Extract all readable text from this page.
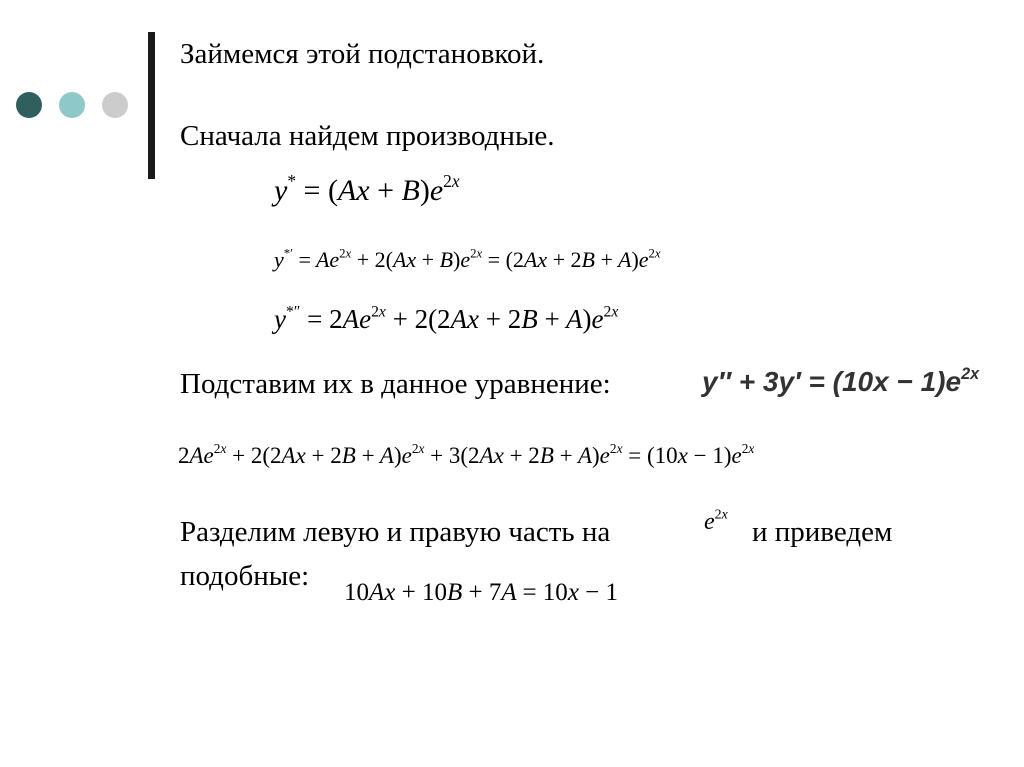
Займемся этой подстановкой.
Сначала найдем производные.
$y^* = (Ax + B)e^{2x}$
$y^{*'} = Ae^{2x} + 2(Ax + B)e^{2x} = (2Ax + 2B + A)e^{2x}$
$y^{*''} = 2Ae^{2x} + 2(2Ax + 2B + A)e^{2x}$
Подставим их в данное уравнение:	$y'' + 3y' = (10x - 1)e^{2x}$
$2Ae^{2x} + 2(2Ax + 2B + A)e^{2x} + 3(2Ax + 2B + A)e^{2x} = (10x - 1)e^{2x}$
Разделим левую и правую часть на	$e^{2x}$
и приведем
подобные:
10Ax + 10B + 7A = 10x − 1
